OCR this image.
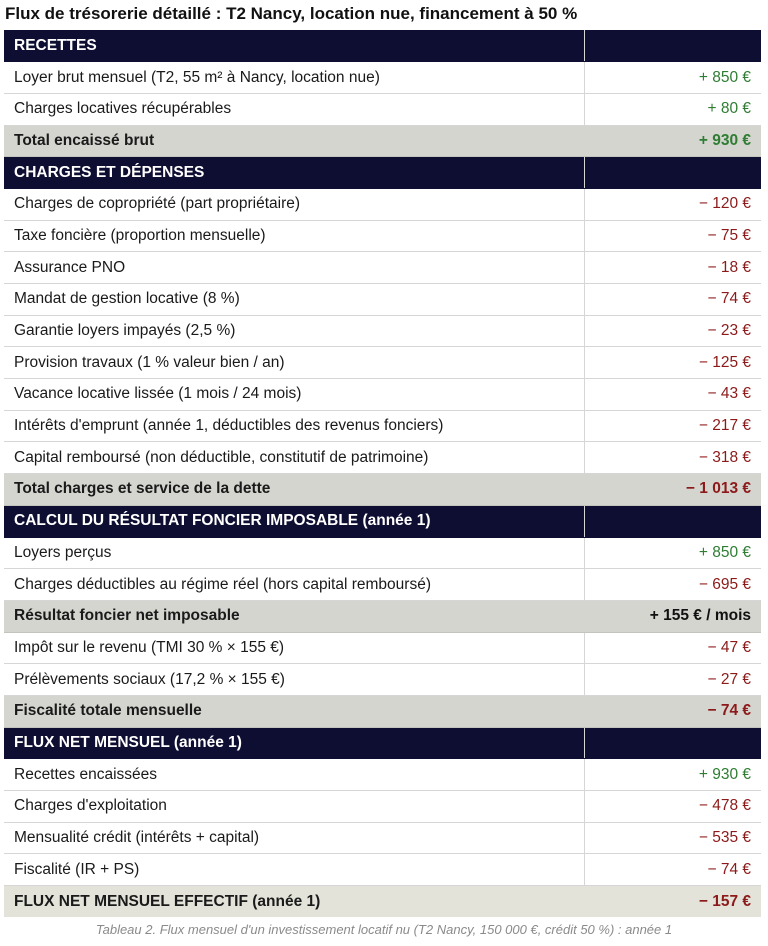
Flux de trésorerie détaillé : T2 Nancy, location nue, financement à 50 %
RECETTES	
Loyer brut mensuel (T2, 55 m² à Nancy, location nue)	+ 850 €
Charges locatives récupérables	+ 80 €
Total encaissé brut	+ 930 €
CHARGES ET DÉPENSES	
Charges de copropriété (part propriétaire)	− 120 €
Taxe foncière (proportion mensuelle)	− 75 €
Assurance PNO	− 18 €
Mandat de gestion locative (8 %)	− 74 €
Garantie loyers impayés (2,5 %)	− 23 €
Provision travaux (1 % valeur bien / an)	− 125 €
Vacance locative lissée (1 mois / 24 mois)	− 43 €
Intérêts d'emprunt (année 1, déductibles des revenus fonciers)	− 217 €
Capital remboursé (non déductible, constitutif de patrimoine)	− 318 €
Total charges et service de la dette	− 1 013 €
CALCUL DU RÉSULTAT FONCIER IMPOSABLE (année 1)	
Loyers perçus	+ 850 €
Charges déductibles au régime réel (hors capital remboursé)	− 695 €
Résultat foncier net imposable	+ 155 € / mois
Impôt sur le revenu (TMI 30 % × 155 €)	− 47 €
Prélèvements sociaux (17,2 % × 155 €)	− 27 €
Fiscalité totale mensuelle	− 74 €
FLUX NET MENSUEL (année 1)	
Recettes encaissées	+ 930 €
Charges d'exploitation	− 478 €
Mensualité crédit (intérêts + capital)	− 535 €
Fiscalité (IR + PS)	− 74 €
FLUX NET MENSUEL EFFECTIF (année 1)	− 157 €
Tableau 2. Flux mensuel d'un investissement locatif nu (T2 Nancy, 150 000 €, crédit 50 %) : année 1
